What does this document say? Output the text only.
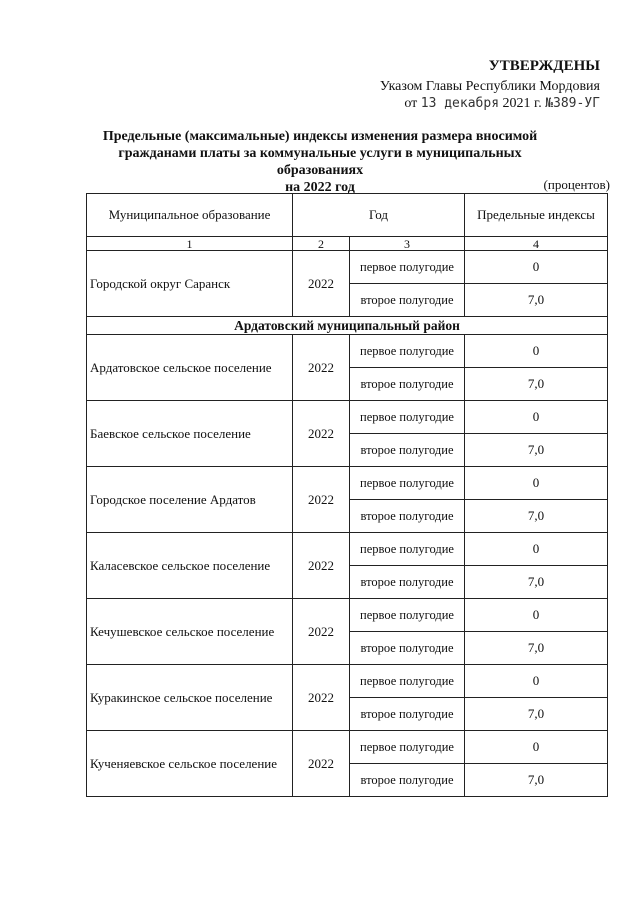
УТВЕРЖДЕНЫ
Указом Главы Республики Мордовия
от 13 декабря 2021 г. №389-УГ
Предельные (максимальные) индексы изменения размера вносимой
гражданами платы за коммунальные услуги в муниципальных образованиях
на 2022 год	(процентов)
Муниципальное образование	Год		Предельные индексы
1	2	3	4
Городской округ Саранск	2022	первое полугодие	0
		второе полугодие	7,0
Ардатовский муниципальный район			
Ардатовское сельское поселение	2022	первое полугодие	0
		второе полугодие	7,0
Баевское сельское поселение	2022	первое полугодие	0
		второе полугодие	7,0
Городское поселение Ардатов	2022	первое полугодие	0
		второе полугодие	7,0
Каласевское сельское поселение	2022	первое полугодие	0
		второе полугодие	7,0
Кечушевское сельское поселение	2022	первое полугодие	0
		второе полугодие	7,0
Куракинское сельское поселение	2022	первое полугодие	0
		второе полугодие	7,0
Кученяевское сельское поселение	2022	первое полугодие	0
		второе полугодие	7,0
